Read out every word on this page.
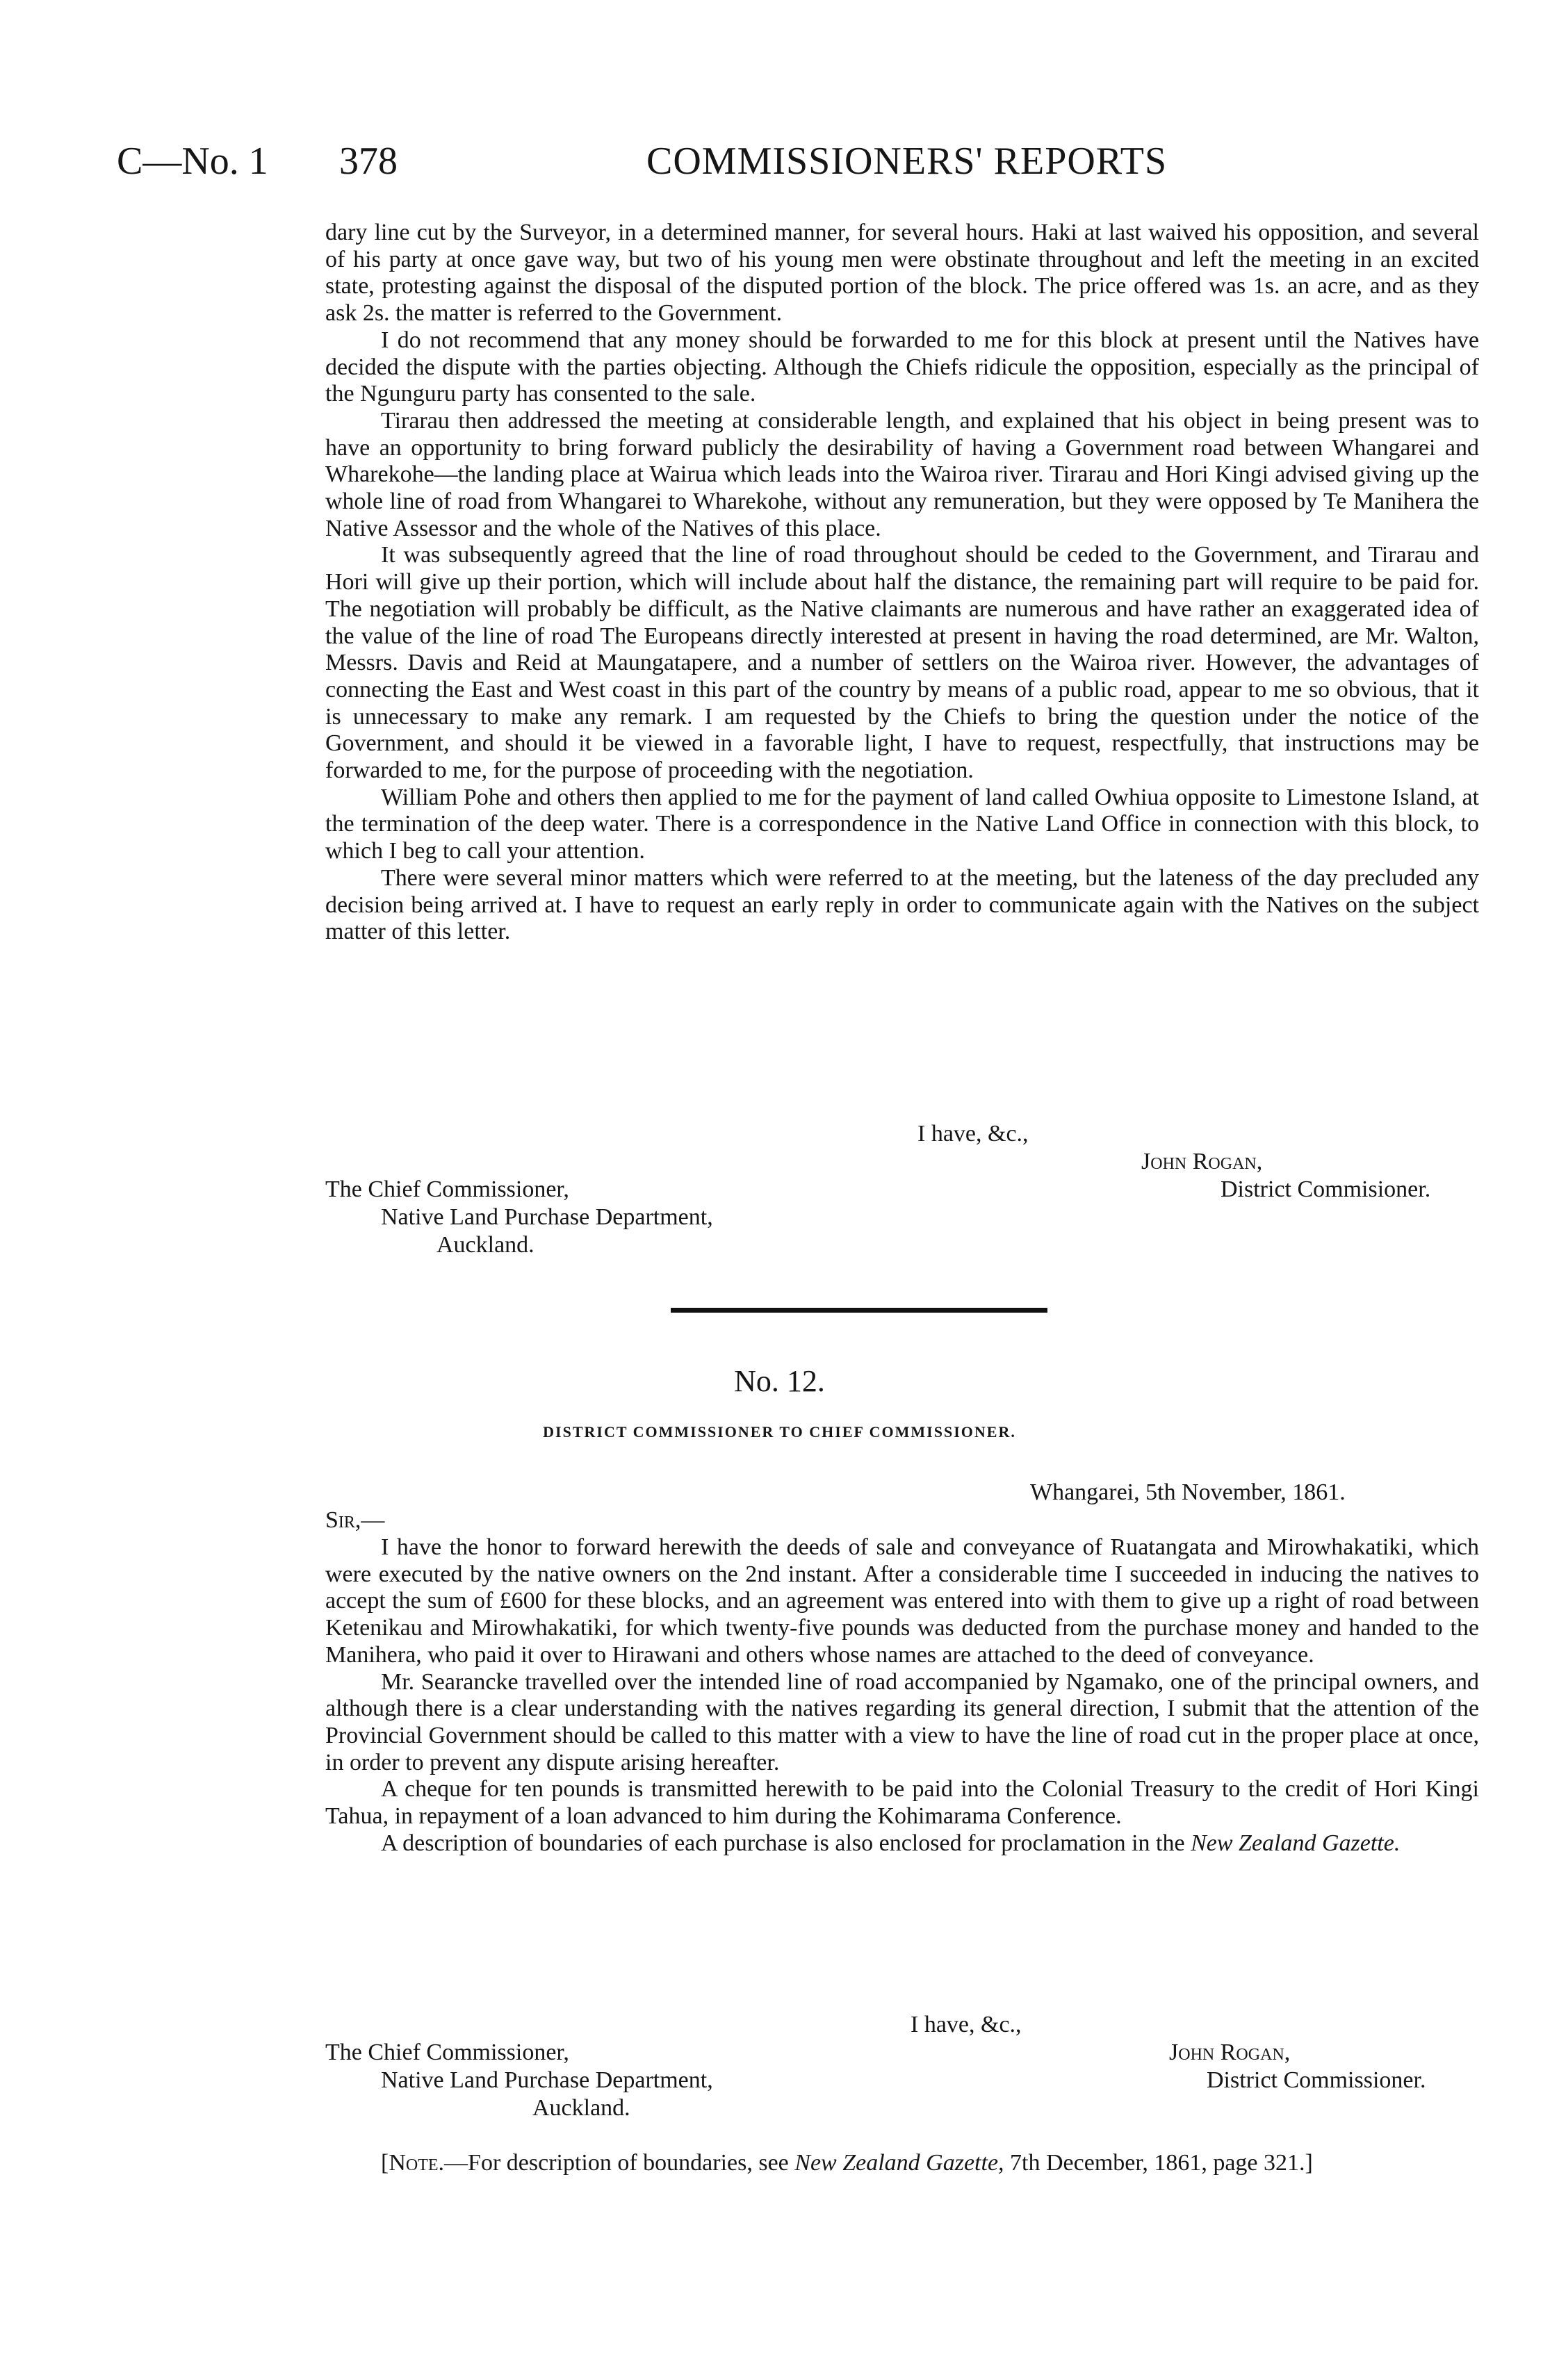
C—No. 1 378	COMMISSIONERS' REPORTS

dary line cut by the Surveyor, in a determined manner, for several hours. Haki at last waived his opposition, and several of his party at once gave way, but two of his young men were obstinate throughout and left the meeting in an excited state, protesting against the disposal of the disputed portion of the block. The price offered was 1s. an acre, and as they ask 2s. the matter is referred to the Government.

I do not recommend that any money should be forwarded to me for this block at present until the Natives have decided the dispute with the parties objecting. Although the Chiefs ridicule the opposition, especially as the principal of the Ngunguru party has consented to the sale.

Tirarau then addressed the meeting at considerable length, and explained that his object in being present was to have an opportunity to bring forward publicly the desirability of having a Government road between Whangarei and Wharekohe—the landing place at Wairua which leads into the Wairoa river. Tirarau and Hori Kingi advised giving up the whole line of road from Whangarei to Wharekohe, without any remuneration, but they were opposed by Te Manihera the Native Assessor and the whole of the Natives of this place.

It was subsequently agreed that the line of road throughout should be ceded to the Government, and Tirarau and Hori will give up their portion, which will include about half the distance, the remaining part will require to be paid for. The negotiation will probably be difficult, as the Native claimants are numerous and have rather an exaggerated idea of the value of the line of road The Europeans directly interested at present in having the road determined, are Mr. Walton, Messrs. Davis and Reid at Maungatapere, and a number of settlers on the Wairoa river. However, the advantages of connecting the East and West coast in this part of the country by means of a public road, appear to me so obvious, that it is unnecessary to make any remark. I am requested by the Chiefs to bring the question under the notice of the Government, and should it be viewed in a favorable light, I have to request, respectfully, that instructions may be forwarded to me, for the purpose of proceeding with the negotiation.

William Pohe and others then applied to me for the payment of land called Owhiua opposite to Limestone Island, at the termination of the deep water. There is a correspondence in the Native Land Office in connection with this block, to which I beg to call your attention.

There were several minor matters which were referred to at the meeting, but the lateness of the day precluded any decision being arrived at. I have to request an early reply in order to communicate again with the Natives on the subject matter of this letter.

I have, &c.,
John Rogan,
District Commisioner.
The Chief Commissioner,
Native Land Purchase Department,
Auckland.
No. 12.
DISTRICT COMMISSIONER TO CHIEF COMMISSIONER.
Whangarei, 5th November, 1861.
Sir,—

I have the honor to forward herewith the deeds of sale and conveyance of Ruatangata and Mirowhakatiki, which were executed by the native owners on the 2nd instant. After a considerable time I succeeded in inducing the natives to accept the sum of £600 for these blocks, and an agreement was entered into with them to give up a right of road between Ketenikau and Mirowhakatiki, for which twenty-five pounds was deducted from the purchase money and handed to the Manihera, who paid it over to Hirawani and others whose names are attached to the deed of conveyance.

Mr. Searancke travelled over the intended line of road accompanied by Ngamako, one of the principal owners, and although there is a clear understanding with the natives regarding its general direction, I submit that the attention of the Provincial Government should be called to this matter with a view to have the line of road cut in the proper place at once, in order to prevent any dispute arising hereafter.

A cheque for ten pounds is transmitted herewith to be paid into the Colonial Treasury to the credit of Hori Kingi Tahua, in repayment of a loan advanced to him during the Kohimarama Conference.

A description of boundaries of each purchase is also enclosed for proclamation in the New Zealand Gazette.

I have, &c.,
The Chief Commissioner,	John Rogan,
Native Land Purchase Department,	District Commissioner.
Auckland.

[Note.—For description of boundaries, see New Zealand Gazette, 7th December, 1861, page 321.]
